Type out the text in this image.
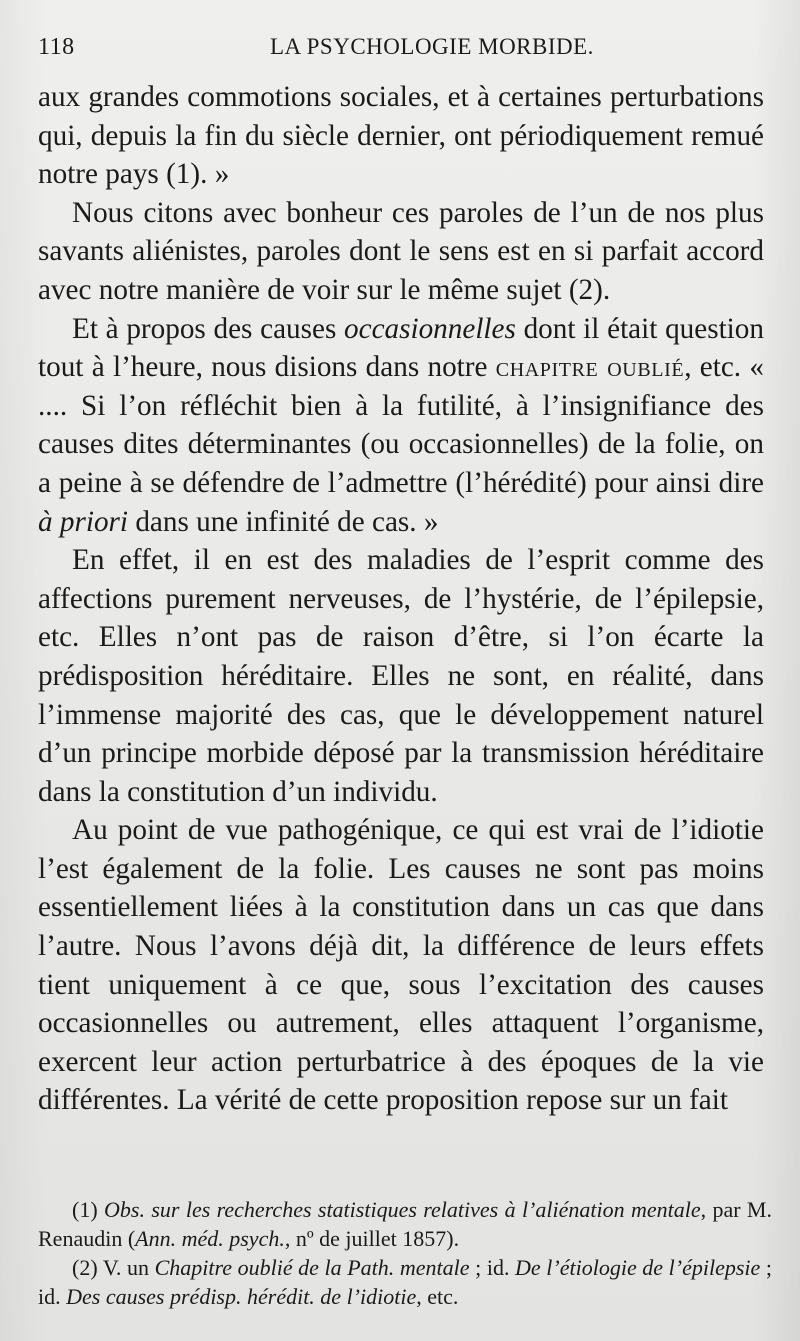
118	LA PSYCHOLOGIE MORBIDE.

aux grandes commotions sociales, et à certaines perturbations qui, depuis la fin du siècle dernier, ont périodiquement remué notre pays (1). »

Nous citons avec bonheur ces paroles de l’un de nos plus savants aliénistes, paroles dont le sens est en si parfait accord avec notre manière de voir sur le même sujet (2).

Et à propos des causes occasionnelles dont il était question tout à l’heure, nous disions dans notre chapitre oublié, etc. « .... Si l’on réfléchit bien à la futilité, à l’insignifiance des causes dites déterminantes (ou occasionnelles) de la folie, on a peine à se défendre de l’admettre (l’hérédité) pour ainsi dire à priori dans une infinité de cas. »

En effet, il en est des maladies de l’esprit comme des affections purement nerveuses, de l’hystérie, de l’épilepsie, etc. Elles n’ont pas de raison d’être, si l’on écarte la prédisposition héréditaire. Elles ne sont, en réalité, dans l’immense majorité des cas, que le développement naturel d’un principe morbide déposé par la transmission héréditaire dans la constitution d’un individu.

Au point de vue pathogénique, ce qui est vrai de l’idiotie l’est également de la folie. Les causes ne sont pas moins essentiellement liées à la constitution dans un cas que dans l’autre. Nous l’avons déjà dit, la différence de leurs effets tient uniquement à ce que, sous l’excitation des causes occasionnelles ou autrement, elles attaquent l’organisme, exercent leur action perturbatrice à des époques de la vie différentes. La vérité de cette proposition repose sur un fait

(1) Obs. sur les recherches statistiques relatives à l’aliénation mentale, par M. Renaudin (Ann. méd. psych., nº de juillet 1857).

(2) V. un Chapitre oublié de la Path. mentale ; id. De l’étiologie de l’épilepsie ; id. Des causes prédisp. hérédit. de l’idiotie, etc.
